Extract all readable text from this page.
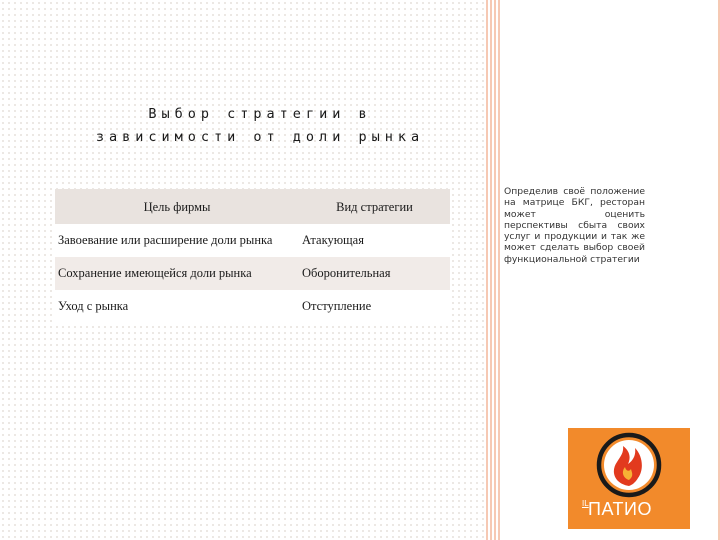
Выбор стратегии в
зависимости от доли рынка
Цель фирмы	Вид стратегии
Завоевание или расширение доли рынка	Атакующая
Сохранение имеющейся доли рынка	Оборонительная
Уход с рынка	Отступление
Определив своё положение на матрице БКГ, ресторан может оценить перспективы сбыта своих услуг и продукции и так же может сделать выбор своей функциональной стратегии
IL ПАТИО
